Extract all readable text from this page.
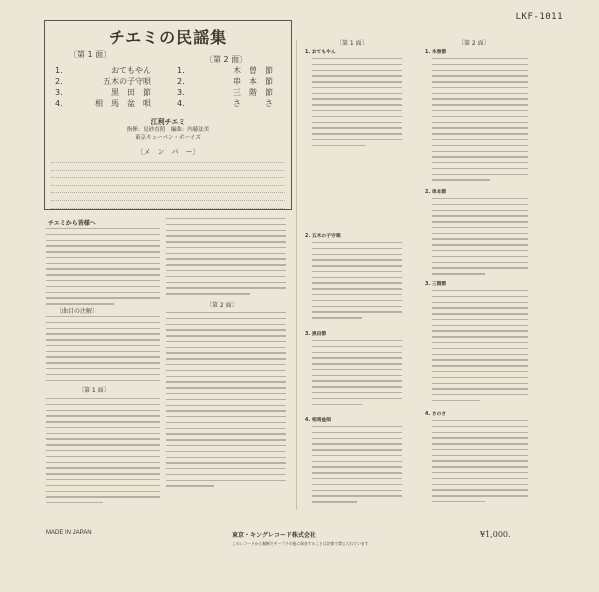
LKF-1011
チエミの民謡集
〔第 1 面〕
〔第 2 面〕
1.	おてもやん
2.	五木の子守唄
3.	黒　田　節
4.	相　馬　盆　唄
1.	木　曽　節
2.	串　本　節
3.	三　階　節
4.	さ　　　さ
江利チエミ
指揮：見砂直照　編曲：内藤法美
東京キューバン・ボーイズ
〔メ　ン　バ　ー〕
チエミから皆様へ
〔曲目の注解〕
〔第 1 面〕
〔第 2 面〕
〔第 1 面〕
1. おてもやん
2. 五木の子守唄
3. 黒田節
4. 相馬盆唄
〔第 2 面〕
1. 木曽節
2. 串本節
3. 三階節
4. さのさ
MADE IN JAPAN	東京・キングレコード株式会社
このレコードから無断でテープその他に録音することは法律で禁じられています
¥1,000.
